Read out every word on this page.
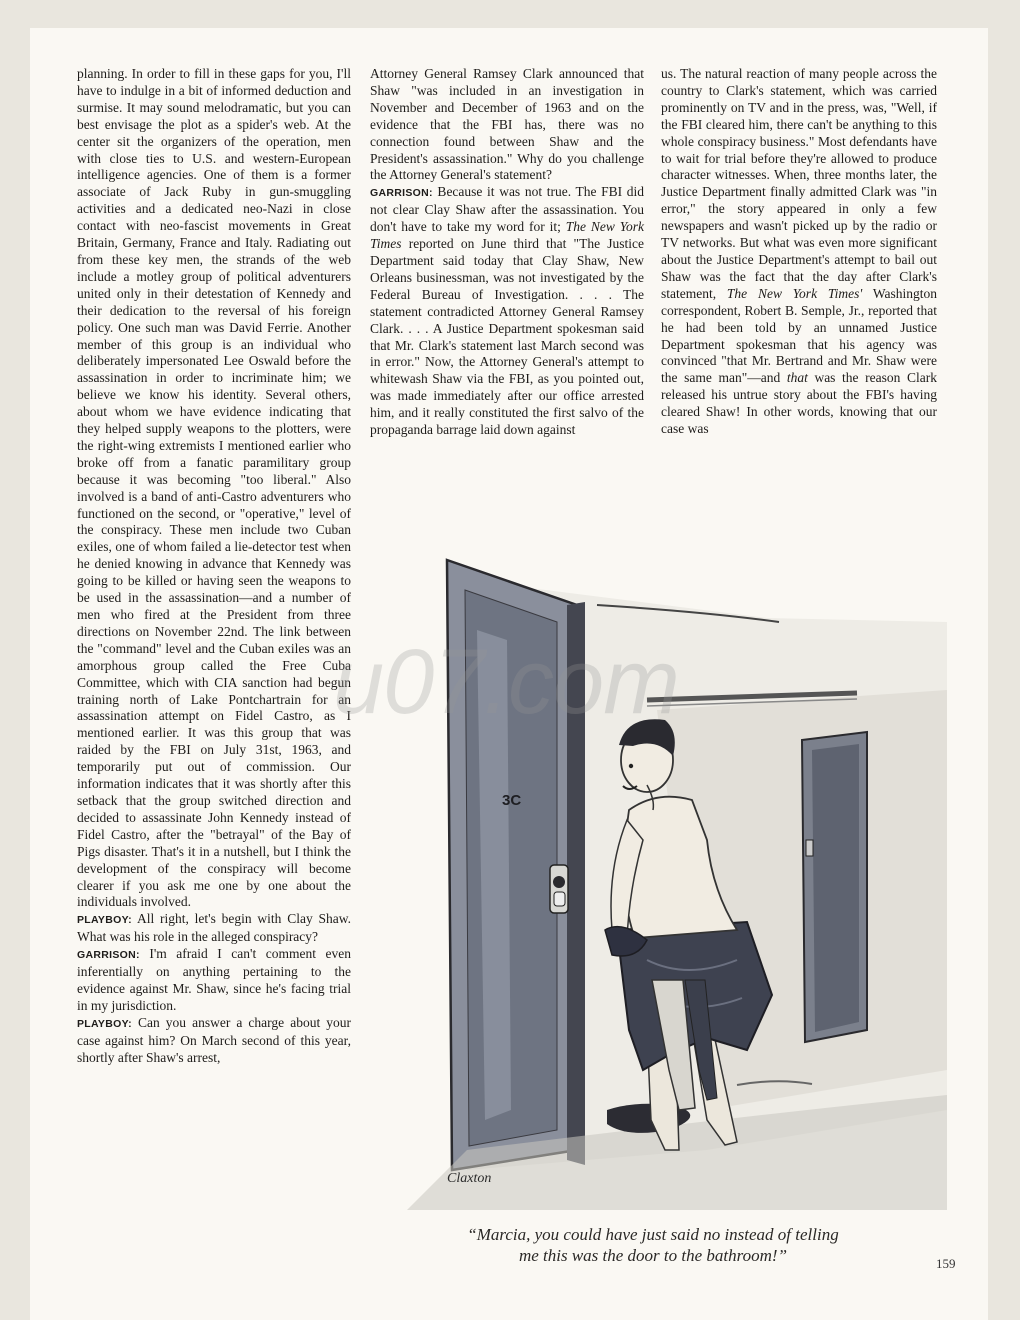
planning. In order to fill in these gaps for you, I'll have to indulge in a bit of informed deduction and surmise. It may sound melodramatic, but you can best envisage the plot as a spider's web. At the center sit the organizers of the operation, men with close ties to U.S. and western-European intelligence agencies. One of them is a former associate of Jack Ruby in gun-smuggling activities and a dedicated neo-Nazi in close contact with neo-fascist movements in Great Britain, Germany, France and Italy. Radiating out from these key men, the strands of the web include a motley group of political adventurers united only in their detestation of Kennedy and their dedication to the reversal of his foreign policy. One such man was David Ferrie. Another member of this group is an individual who deliberately impersonated Lee Oswald before the assassination in order to incriminate him; we believe we know his identity. Several others, about whom we have evidence indicating that they helped supply weapons to the plotters, were the right-wing extremists I mentioned earlier who broke off from a fanatic paramilitary group because it was becoming "too liberal." Also involved is a band of anti-Castro adventurers who functioned on the second, or "operative," level of the conspiracy. These men include two Cuban exiles, one of whom failed a lie-detector test when he denied knowing in advance that Kennedy was going to be killed or having seen the weapons to be used in the assassination—and a number of men who fired at the President from three directions on November 22nd. The link between the "command" level and the Cuban exiles was an amorphous group called the Free Cuba Committee, which with CIA sanction had begun training north of Lake Pontchartrain for an assassination attempt on Fidel Castro, as I mentioned earlier. It was this group that was raided by the FBI on July 31st, 1963, and temporarily put out of commission. Our information indicates that it was shortly after this setback that the group switched direction and decided to assassinate John Kennedy instead of Fidel Castro, after the "betrayal" of the Bay of Pigs disaster. That's it in a nutshell, but I think the development of the conspiracy will become clearer if you ask me one by one about the individuals involved.

PLAYBOY: All right, let's begin with Clay Shaw. What was his role in the alleged conspiracy?

GARRISON: I'm afraid I can't comment even inferentially on anything pertaining to the evidence against Mr. Shaw, since he's facing trial in my jurisdiction.

PLAYBOY: Can you answer a charge about your case against him? On March second of this year, shortly after Shaw's arrest,

Attorney General Ramsey Clark announced that Shaw "was included in an investigation in November and December of 1963 and on the evidence that the FBI has, there was no connection found between Shaw and the President's assassination." Why do you challenge the Attorney General's statement?

GARRISON: Because it was not true. The FBI did not clear Clay Shaw after the assassination. You don't have to take my word for it; The New York Times reported on June third that "The Justice Department said today that Clay Shaw, New Orleans businessman, was not investigated by the Federal Bureau of Investigation. . . . The statement contradicted Attorney General Ramsey Clark. . . . A Justice Department spokesman said that Mr. Clark's statement last March second was in error." Now, the Attorney General's attempt to whitewash Shaw via the FBI, as you pointed out, was made immediately after our office arrested him, and it really constituted the first salvo of the propaganda barrage laid down against

us. The natural reaction of many people across the country to Clark's statement, which was carried prominently on TV and in the press, was, "Well, if the FBI cleared him, there can't be anything to this whole conspiracy business." Most defendants have to wait for trial before they're allowed to produce character witnesses. When, three months later, the Justice Department finally admitted Clark was "in error," the story appeared in only a few newspapers and wasn't picked up by the radio or TV networks. But what was even more significant about the Justice Department's attempt to bail out Shaw was the fact that the day after Clark's statement, The New York Times' Washington correspondent, Robert B. Semple, Jr., reported that he had been told by an unnamed Justice Department spokesman that his agency was convinced "that Mr. Bertrand and Mr. Shaw were the same man"—and that was the reason Clark released his untrue story about the FBI's having cleared Shaw! In other words, knowing that our case was

3C
Claxton
u07.com
“Marcia, you could have just said no instead of telling
me this was the door to the bathroom!”	159
